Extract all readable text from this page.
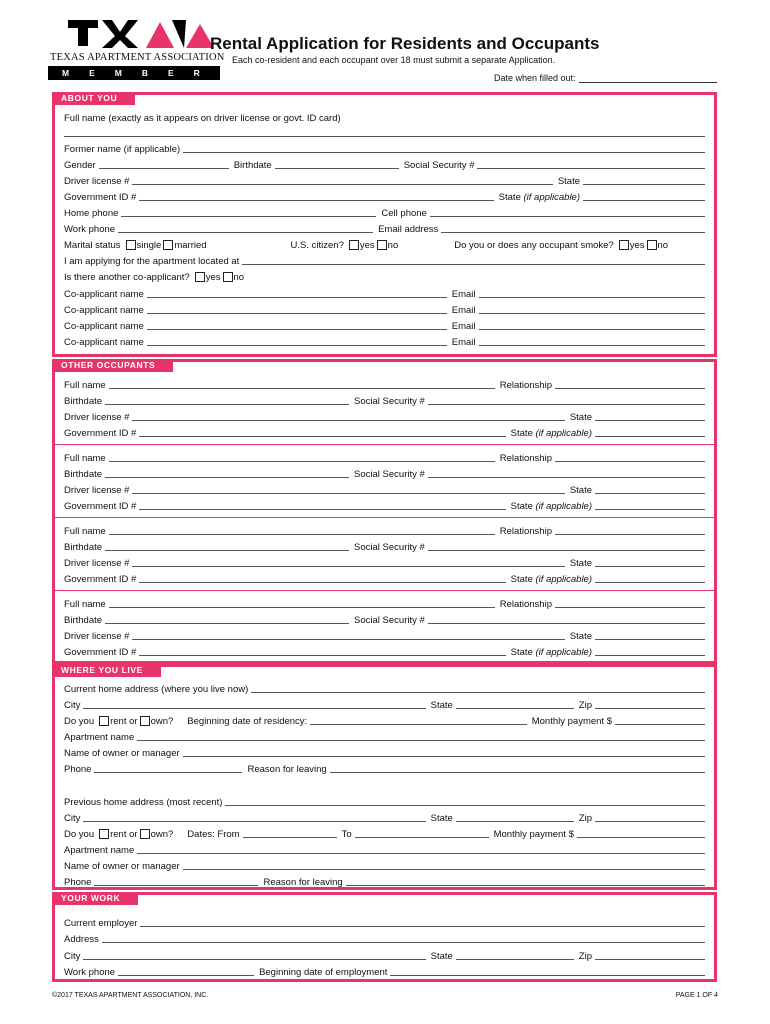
TEXAS APARTMENT ASSOCIATION
MEMBER
Rental Application for Residents and Occupants
Each co-resident and each occupant over 18 must submit a separate Application.
Date when filled out:
ABOUT YOU
Full name (exactly as it appears on driver license or govt. ID card)
Former name (if applicable)
Gender	Birthdate	Social Security #
Driver license #	State
Government ID #	State (if applicable)
Home phone	Cell phone
Work phone	Email address
Marital status	single married	U.S. citizen?	yes no	Do you or does any occupant smoke?	yes no
I am applying for the apartment located at
Is there another co-applicant?	yes no
Co-applicant name	Email
Co-applicant name	Email
Co-applicant name	Email
Co-applicant name	Email
OTHER OCCUPANTS
Full name	Relationship
Birthdate	Social Security #
Driver license #	State
Government ID #	State (if applicable)
Full name	Relationship
Birthdate	Social Security #
Driver license #	State
Government ID #	State (if applicable)
Full name	Relationship
Birthdate	Social Security #
Driver license #	State
Government ID #	State (if applicable)
Full name	Relationship
Birthdate	Social Security #
Driver license #	State
Government ID #	State (if applicable)
WHERE YOU LIVE
Current home address (where you live now)
City	State	Zip
Do you	rent or own? Beginning date of residency:	Monthly payment $
Apartment name
Name of owner or manager
Phone	Reason for leaving
Previous home address (most recent)
City	State	Zip
Do you	rent or own? Dates: From	To	Monthly payment $
Apartment name
Name of owner or manager
Phone	Reason for leaving
YOUR WORK
Current employer
Address
City	State	Zip
Work phone	Beginning date of employment
©2017 TEXAS APARTMENT ASSOCIATION, INC.	PAGE 1 OF 4
